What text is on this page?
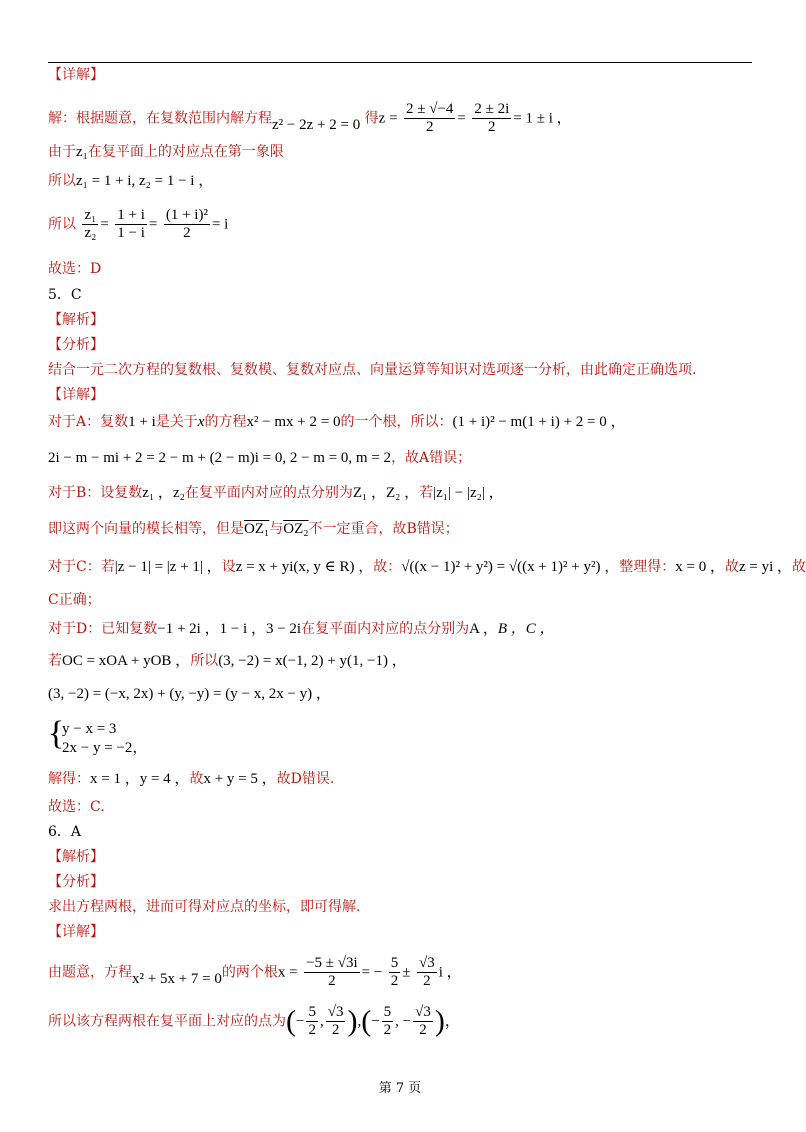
【详解】
解：根据题意，在复数范围内解方程z² − 2z + 2 = 0 得$z = \frac{2 \pm √-4}{2} = \frac{2 \pm 2i}{2} = 1 \pm i$ ，
由于z₁在复平面上的对应点在第一象限
所以z₁ = 1 + i, z₂ = 1 − i ，
所以 $\frac{\text{z₁}}{\text{z₂}} = \frac{1 + i}{1 - i} = \frac{\text{(1 + i)²}}{2} = i$
故选：D
5．C
【解析】
【分析】
结合一元二次方程的复数根、复数模、复数对应点、向量运算等知识对选项逐一分析，由此确定正确选项.
【详解】
对于A：复数1 + i是关于x的方程x² − mx + 2 = 0的一个根，所以：(1 + i)² − m(1 + i) + 2 = 0 ，
2i − m − mi + 2 = 2 − m + (2 − m)i = 0, 2 − m = 0, m = 2，故A错误；
对于B：设复数z₁ ，z₂在复平面内对应的点分别为Z₁ ，Z₂ ，若|z₁| − |z₂| ，
即这两个向量的模长相等，但是OZ₁与OZ₂不一定重合，故B错误；
对于C：若|z − 1| = |z + 1| ，设z = x + yi(x, y ∈ R) ，故：√((x − 1)² + y²) = √((x + 1)² + y²) ，整理得：x = 0 ，故z = yi ，故
C正确；
对于D：已知复数−1 + 2i ，1 − i ，3 − 2i在复平面内对应的点分别为A ，B ，C ，
若OC = xOA + yOB ，所以(3, −2) = x(−1, 2) + y(1, −1) ，
(3, −2) = (−x, 2x) + (y, −y) = (y − x, 2x − y) ，
{
y − x = 3
2x − y = −2，
解得：x = 1 ，y = 4 ，故x + y = 5 ，故D错误.
故选：C.
6．A
【解析】
【分析】
求出方程两根，进而可得对应点的坐标，即可得解.
【详解】
由题意，方程x² + 5x + 7 = 0的两个根$x = \frac{-5 \pm √3i}{2}$ = − $\frac{5}{2} \pm \frac{√3}{2}$ i ，
所以该方程两根在复平面上对应的点为(− $\frac{5}{2}$ , $\frac{√3}{2}$ ),(− $\frac{5}{2}$ , − $\frac{√3}{2}$ )，
第 7 页
